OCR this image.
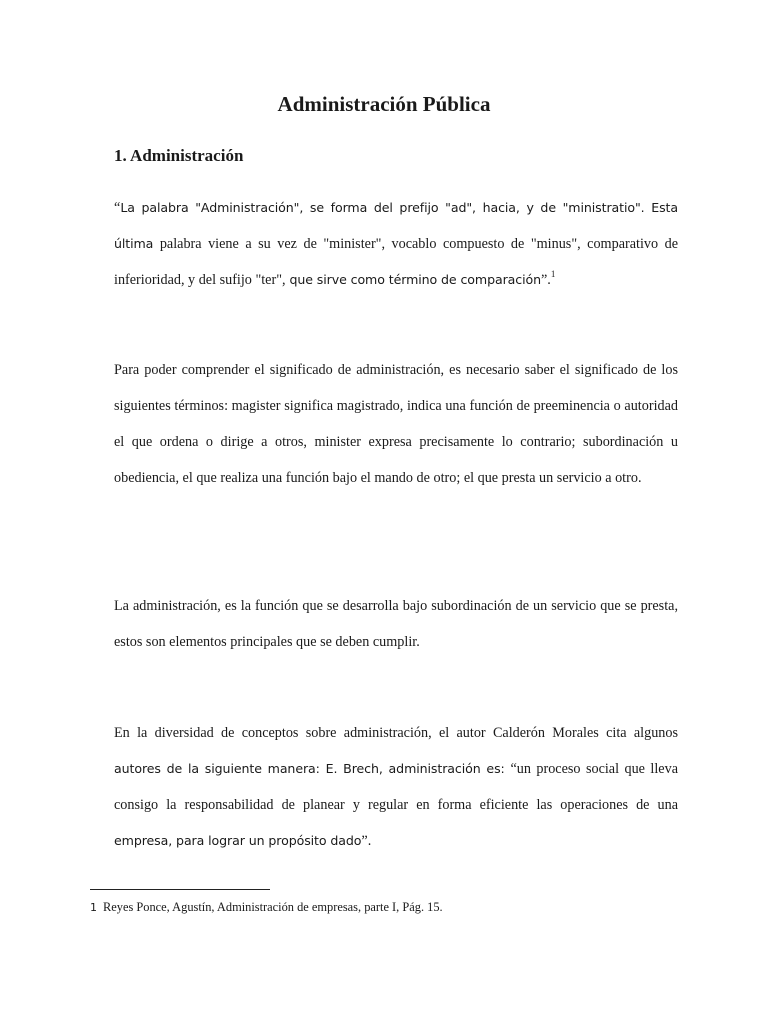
Administración Pública
1. Administración

“La palabra "Administración", se forma del prefijo "ad", hacia, y de "ministratio". Esta última palabra viene a su vez de "minister", vocablo compuesto de "minus", comparativo de inferioridad, y del sufijo "ter", que sirve como término de comparación”.$^1$

Para poder comprender el significado de administración, es necesario saber el significado de los siguientes términos: magister significa magistrado, indica una función de preeminencia o autoridad el que ordena o dirige a otros, minister expresa precisamente lo contrario; subordinación u obediencia, el que realiza una función bajo el mando de otro; el que presta un servicio a otro.

La administración, es la función que se desarrolla bajo subordinación de un servicio que se presta, estos son elementos principales que se deben cumplir.

En la diversidad de conceptos sobre administración, el autor Calderón Morales cita algunos autores de la siguiente manera: E. Brech, administración es: “un proceso social que lleva consigo la responsabilidad de planear y regular en forma eficiente las operaciones de una empresa, para lograr un propósito dado”.

1 Reyes Ponce, Agustín, Administración de empresas, parte I, Pág. 15.
